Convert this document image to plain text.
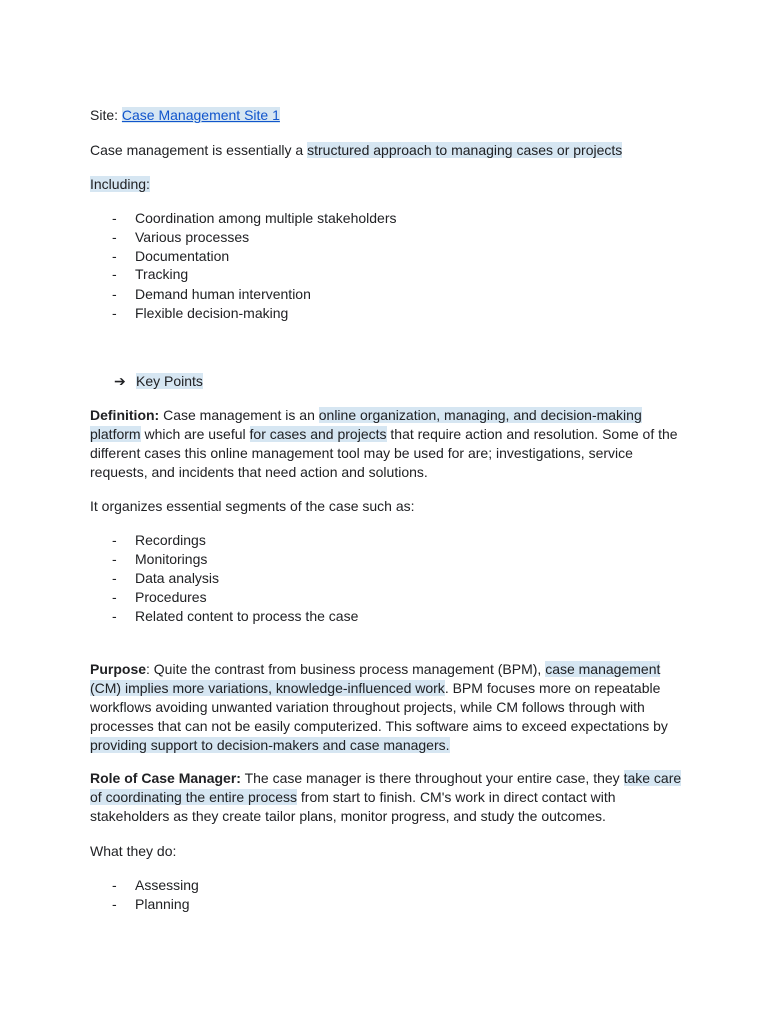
Site: Case Management Site 1

Case management is essentially a structured approach to managing cases or projects

Including:

- Coordination among multiple stakeholders
- Various processes
- Documentation
- Tracking
- Demand human intervention
- Flexible decision-making
➔ Key Points

Definition: Case management is an online organization, managing, and decision-making platform which are useful for cases and projects that require action and resolution. Some of the different cases this online management tool may be used for are; investigations, service requests, and incidents that need action and solutions.

It organizes essential segments of the case such as:

- Recordings
- Monitorings
- Data analysis
- Procedures
- Related content to process the case

Purpose: Quite the contrast from business process management (BPM), case management (CM) implies more variations, knowledge-influenced work. BPM focuses more on repeatable workflows avoiding unwanted variation throughout projects, while CM follows through with processes that can not be easily computerized. This software aims to exceed expectations by providing support to decision-makers and case managers.

Role of Case Manager: The case manager is there throughout your entire case, they take care of coordinating the entire process from start to finish. CM's work in direct contact with stakeholders as they create tailor plans, monitor progress, and study the outcomes.

What they do:

- Assessing
- Planning
